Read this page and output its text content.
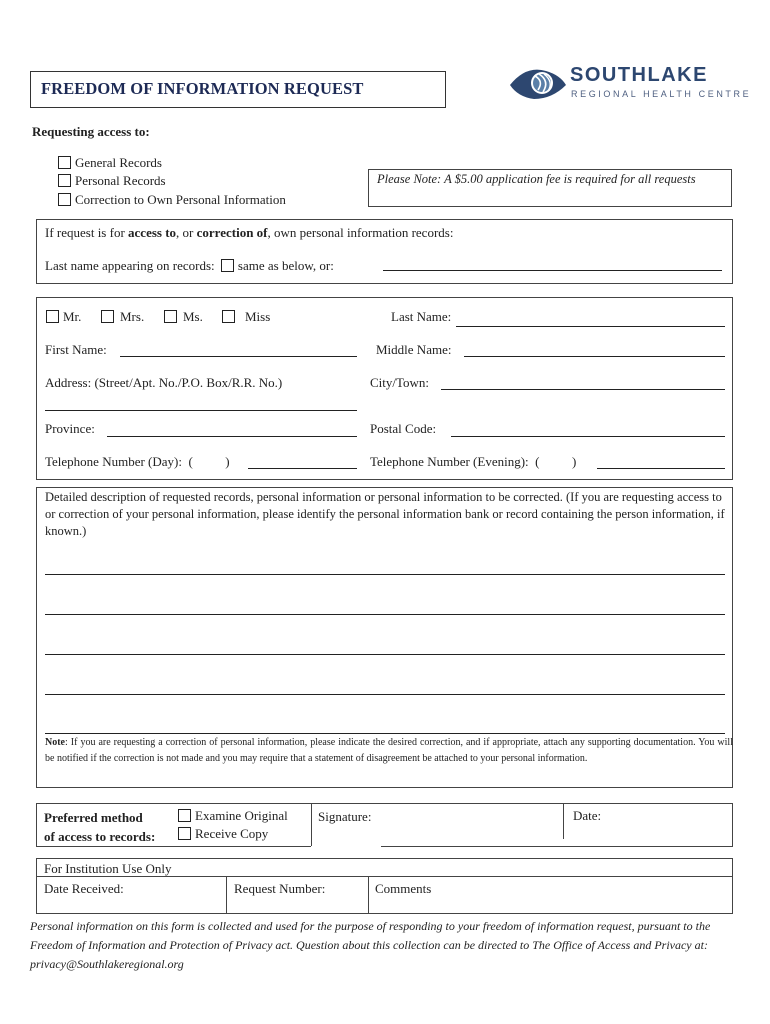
FREEDOM OF INFORMATION REQUEST
SOUTHLAKE
REGIONAL HEALTH CENTRE
Requesting access to:
General Records
Personal Records
Correction to Own Personal Information
Please Note: A $5.00 application fee is required for all requests
If request is for access to, or correction of, own personal information records:
Last name appearing on records: same as below, or:
Mr.	Mrs.	Ms.	Miss	Last Name:
First Name:	Middle Name:
Address: (Street/Apt. No./P.O. Box/R.R. No.)	City/Town:
Province:	Postal Code:
Telephone Number (Day):  (          )	Telephone Number (Evening):  (          )
Detailed description of requested records, personal information or personal information to be corrected. (If you are requesting access to or correction of your personal information, please identify the personal information bank or record containing the person information, if known.)
Note: If you are requesting a correction of personal information, please indicate the desired correction, and if appropriate, attach any supporting documentation. You will be notified if the correction is not made and you may require that a statement of disagreement be attached to your personal information.
Preferred method
of access to records:
Examine Original
Receive Copy
Signature:	Date:
For Institution Use Only
Date Received:	Request Number:	Comments
Personal information on this form is collected and used for the purpose of responding to your freedom of information request, pursuant to the Freedom of Information and Protection of Privacy act. Question about this collection can be directed to The Office of Access and Privacy at: privacy@Southlakeregional.org
